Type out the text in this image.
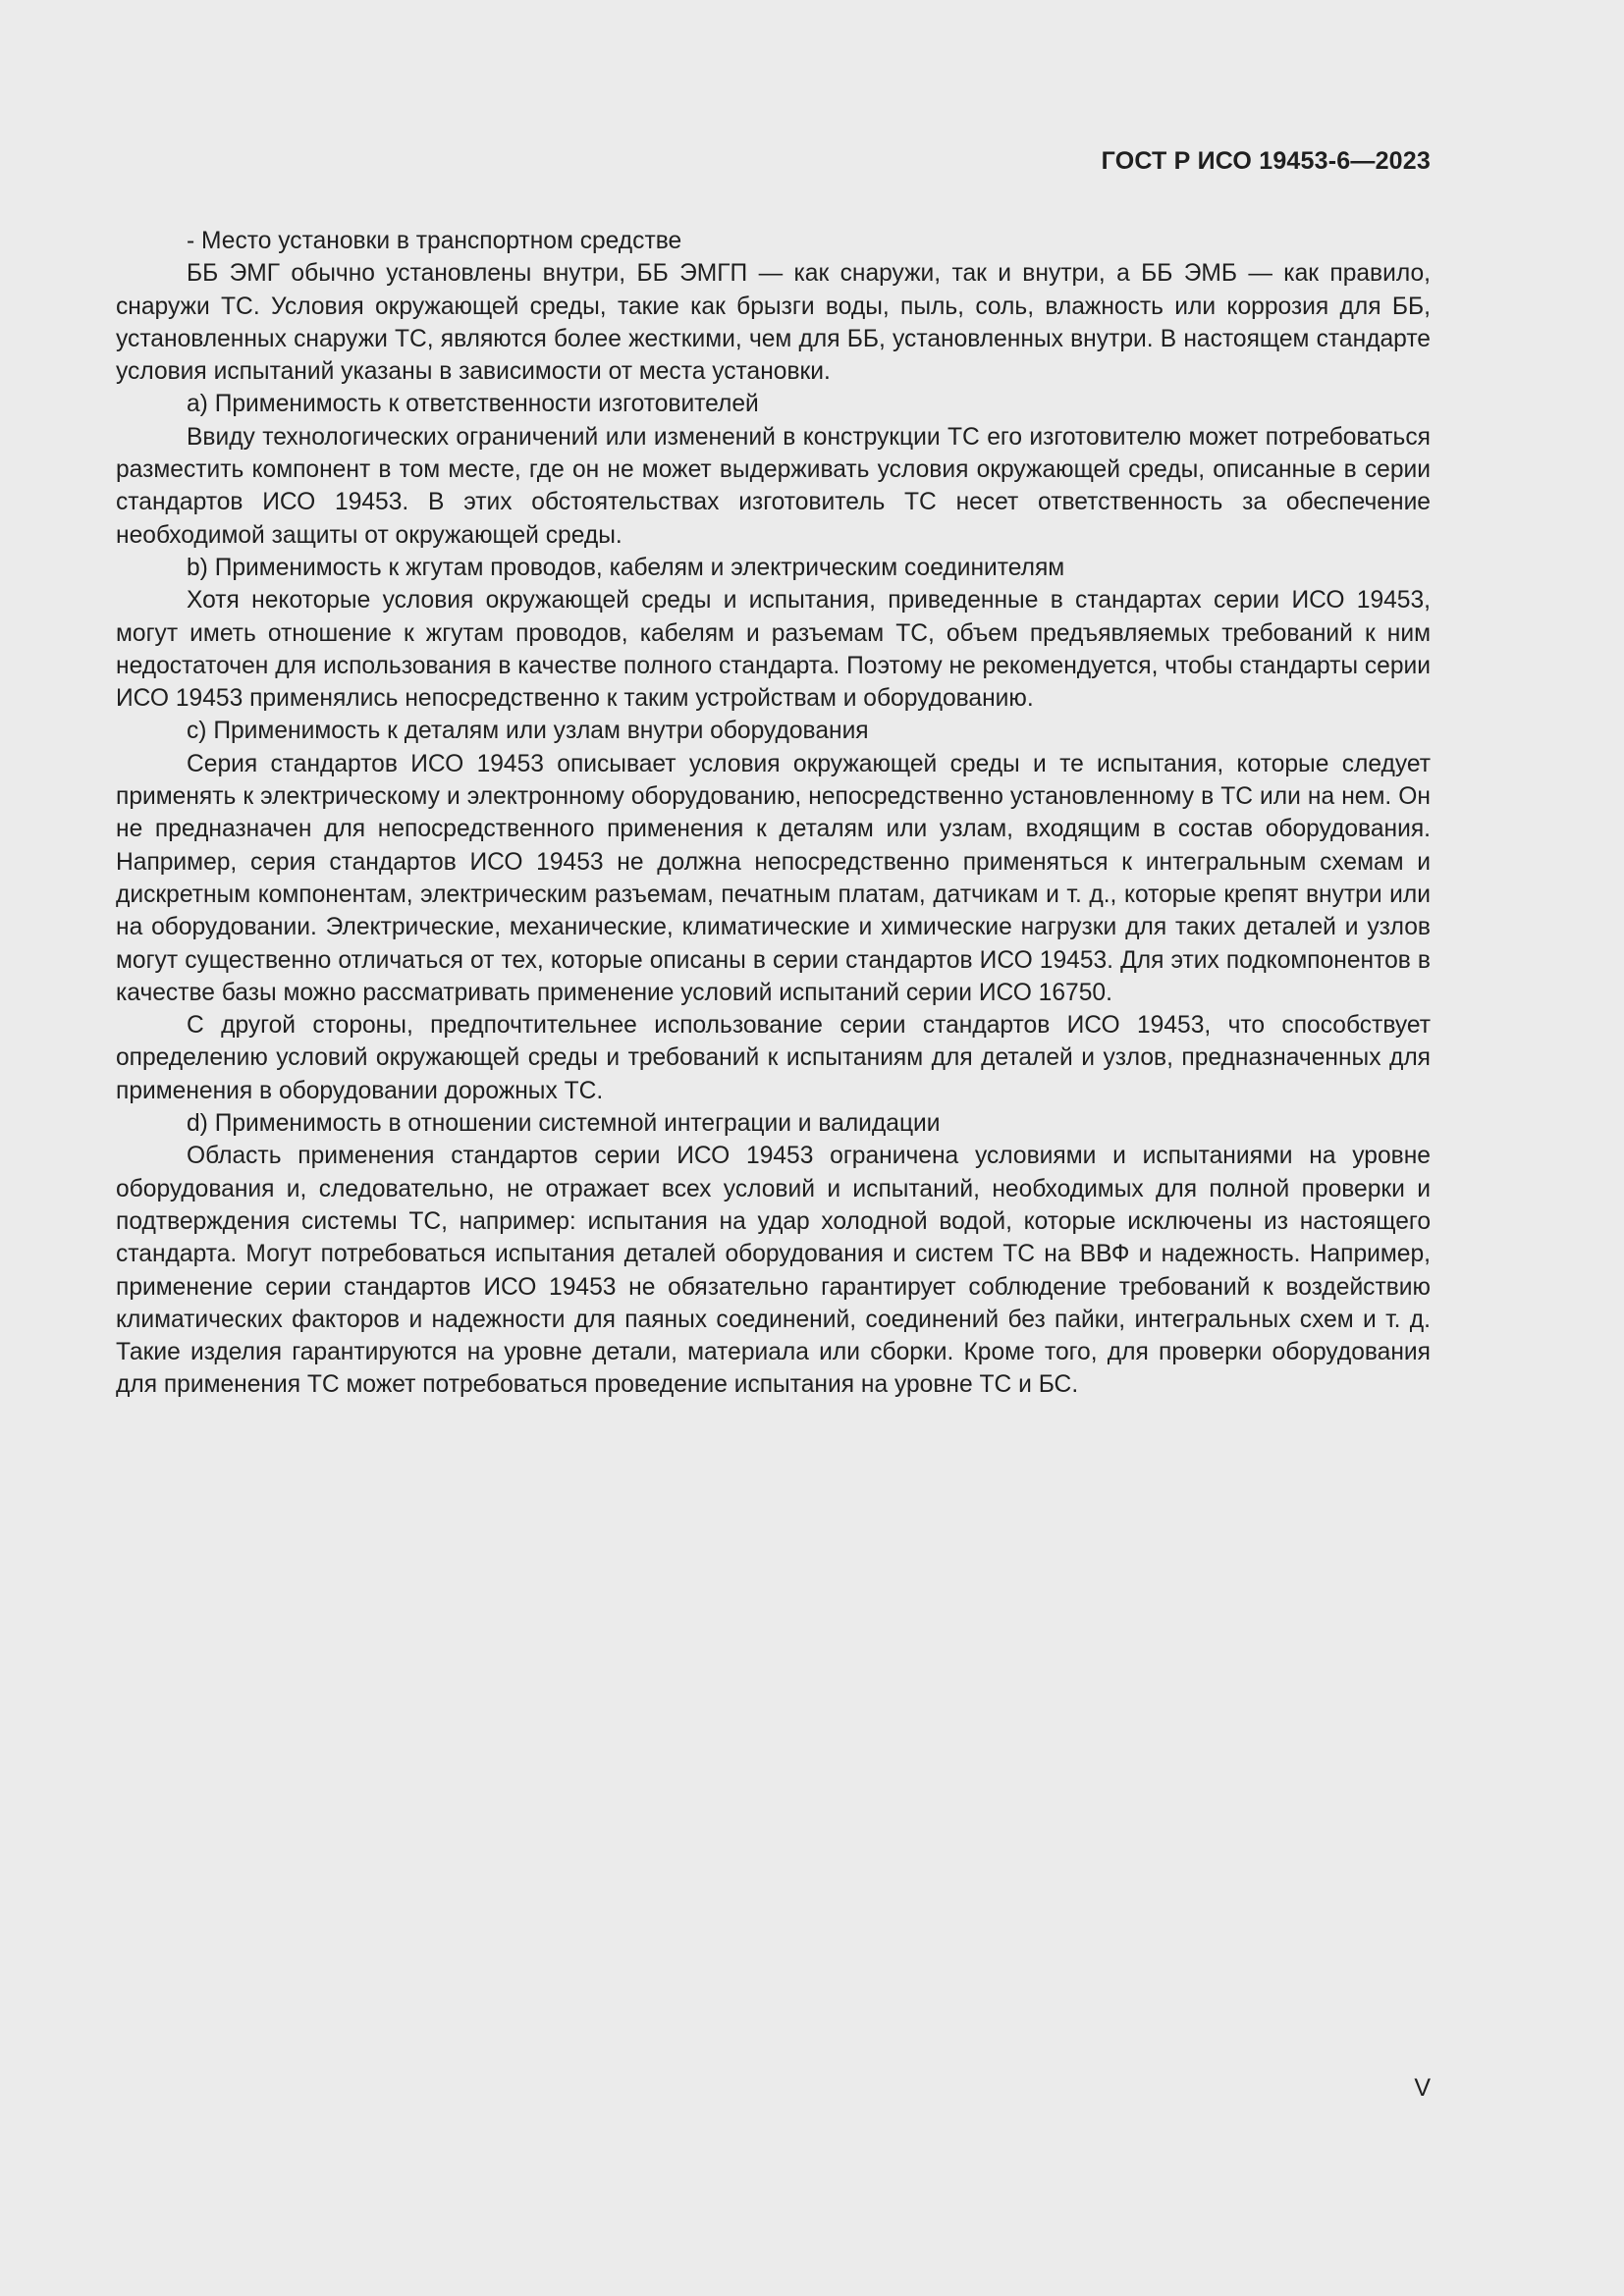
ГОСТ Р ИСО 19453-6—2023

- Место установки в транспортном средстве

ББ ЭМГ обычно установлены внутри, ББ ЭМГП — как снаружи, так и внутри, а ББ ЭМБ — как правило, снаружи ТС. Условия окружающей среды, такие как брызги воды, пыль, соль, влажность или коррозия для ББ, установленных снаружи ТС, являются более жесткими, чем для ББ, установленных внутри. В настоящем стандарте условия испытаний указаны в зависимости от места установки.

a) Применимость к ответственности изготовителей

Ввиду технологических ограничений или изменений в конструкции ТС его изготовителю может потребоваться разместить компонент в том месте, где он не может выдерживать условия окружающей среды, описанные в серии стандартов ИСО 19453. В этих обстоятельствах изготовитель ТС несет ответственность за обеспечение необходимой защиты от окружающей среды.

b) Применимость к жгутам проводов, кабелям и электрическим соединителям

Хотя некоторые условия окружающей среды и испытания, приведенные в стандартах серии ИСО 19453, могут иметь отношение к жгутам проводов, кабелям и разъемам ТС, объем предъявляемых требований к ним недостаточен для использования в качестве полного стандарта. Поэтому не рекомендуется, чтобы стандарты серии ИСО 19453 применялись непосредственно к таким устройствам и оборудованию.

c) Применимость к деталям или узлам внутри оборудования

Серия стандартов ИСО 19453 описывает условия окружающей среды и те испытания, которые следует применять к электрическому и электронному оборудованию, непосредственно установленному в ТС или на нем. Он не предназначен для непосредственного применения к деталям или узлам, входящим в состав оборудования. Например, серия стандартов ИСО 19453 не должна непосредственно применяться к интегральным схемам и дискретным компонентам, электрическим разъемам, печатным платам, датчикам и т. д., которые крепят внутри или на оборудовании. Электрические, механические, климатические и химические нагрузки для таких деталей и узлов могут существенно отличаться от тех, которые описаны в серии стандартов ИСО 19453. Для этих подкомпонентов в качестве базы можно рассматривать применение условий испытаний серии ИСО 16750.

С другой стороны, предпочтительнее использование серии стандартов ИСО 19453, что способствует определению условий окружающей среды и требований к испытаниям для деталей и узлов, предназначенных для применения в оборудовании дорожных ТС.

d) Применимость в отношении системной интеграции и валидации

Область применения стандартов серии ИСО 19453 ограничена условиями и испытаниями на уровне оборудования и, следовательно, не отражает всех условий и испытаний, необходимых для полной проверки и подтверждения системы ТС, например: испытания на удар холодной водой, которые исключены из настоящего стандарта. Могут потребоваться испытания деталей оборудования и систем ТС на ВВФ и надежность. Например, применение серии стандартов ИСО 19453 не обязательно гарантирует соблюдение требований к воздействию климатических факторов и надежности для паяных соединений, соединений без пайки, интегральных схем и т. д. Такие изделия гарантируются на уровне детали, материала или сборки. Кроме того, для проверки оборудования для применения ТС может потребоваться проведение испытания на уровне ТС и БС.

V
